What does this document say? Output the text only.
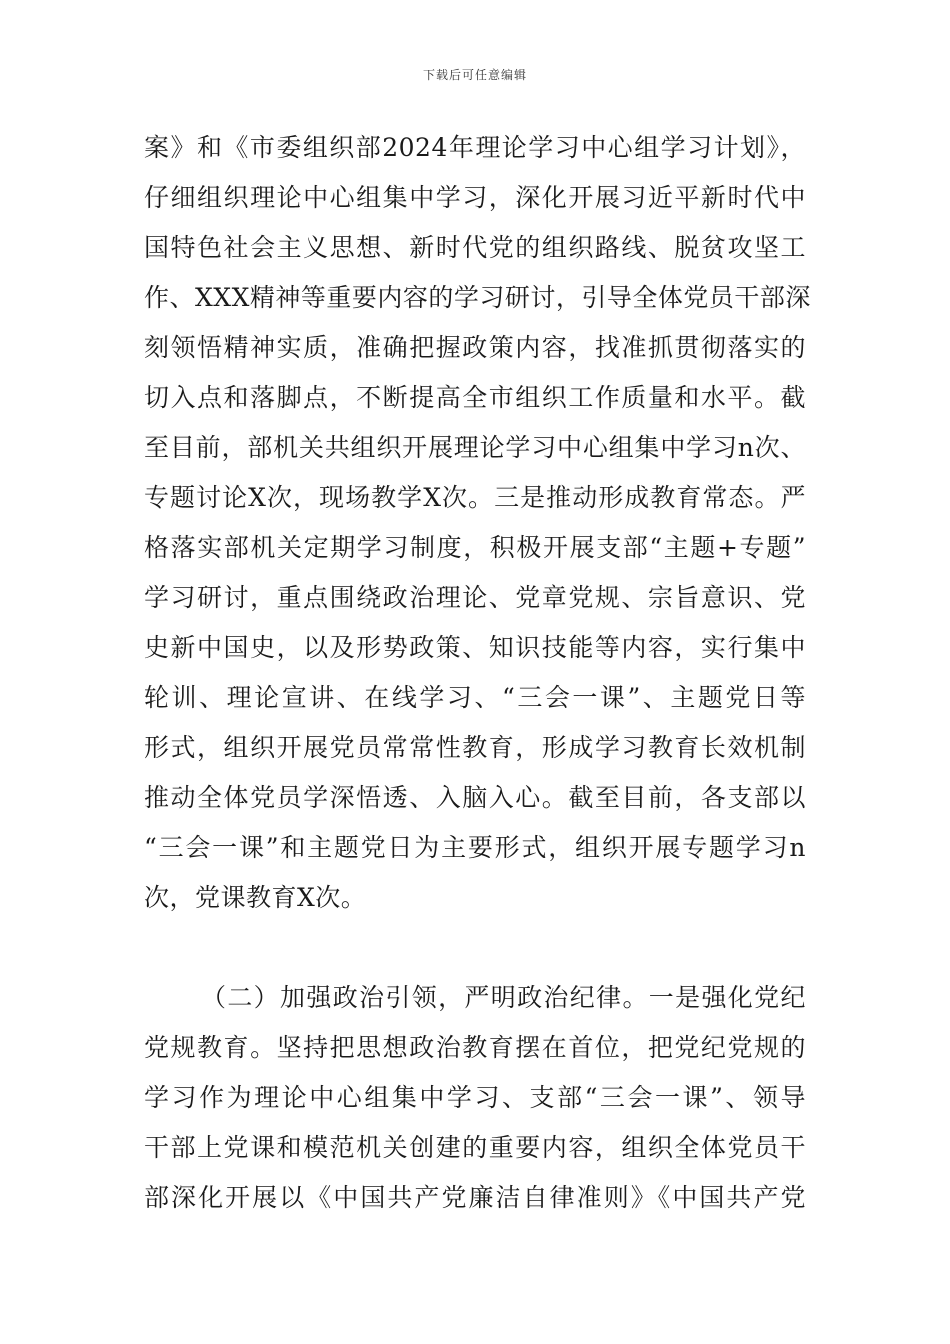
下载后可任意编辑
案》和《市委组织部2024年理论学习中心组学习计划》，
仔细组织理论中心组集中学习，深化开展习近平新时代中
国特色社会主义思想、新时代党的组织路线、脱贫攻坚工
作、XXX精神等重要内容的学习研讨，引导全体党员干部深
刻领悟精神实质，准确把握政策内容，找准抓贯彻落实的
切入点和落脚点，不断提高全市组织工作质量和水平。截
至目前，部机关共组织开展理论学习中心组集中学习n次、
专题讨论X次，现场教学X次。三是推动形成教育常态。严
格落实部机关定期学习制度，积极开展支部“主题+专题”
学习研讨，重点围绕政治理论、党章党规、宗旨意识、党
史新中国史，以及形势政策、知识技能等内容，实行集中
轮训、理论宣讲、在线学习、“三会一课”、主题党日等
形式，组织开展党员常常性教育，形成学习教育长效机制
推动全体党员学深悟透、入脑入心。截至目前，各支部以
“三会一课”和主题党日为主要形式，组织开展专题学习n
次，党课教育X次。
（二）加强政治引领，严明政治纪律。一是强化党纪
党规教育。坚持把思想政治教育摆在首位，把党纪党规的
学习作为理论中心组集中学习、支部“三会一课”、领导
干部上党课和模范机关创建的重要内容，组织全体党员干
部深化开展以《中国共产党廉洁自律准则》《中国共产党
